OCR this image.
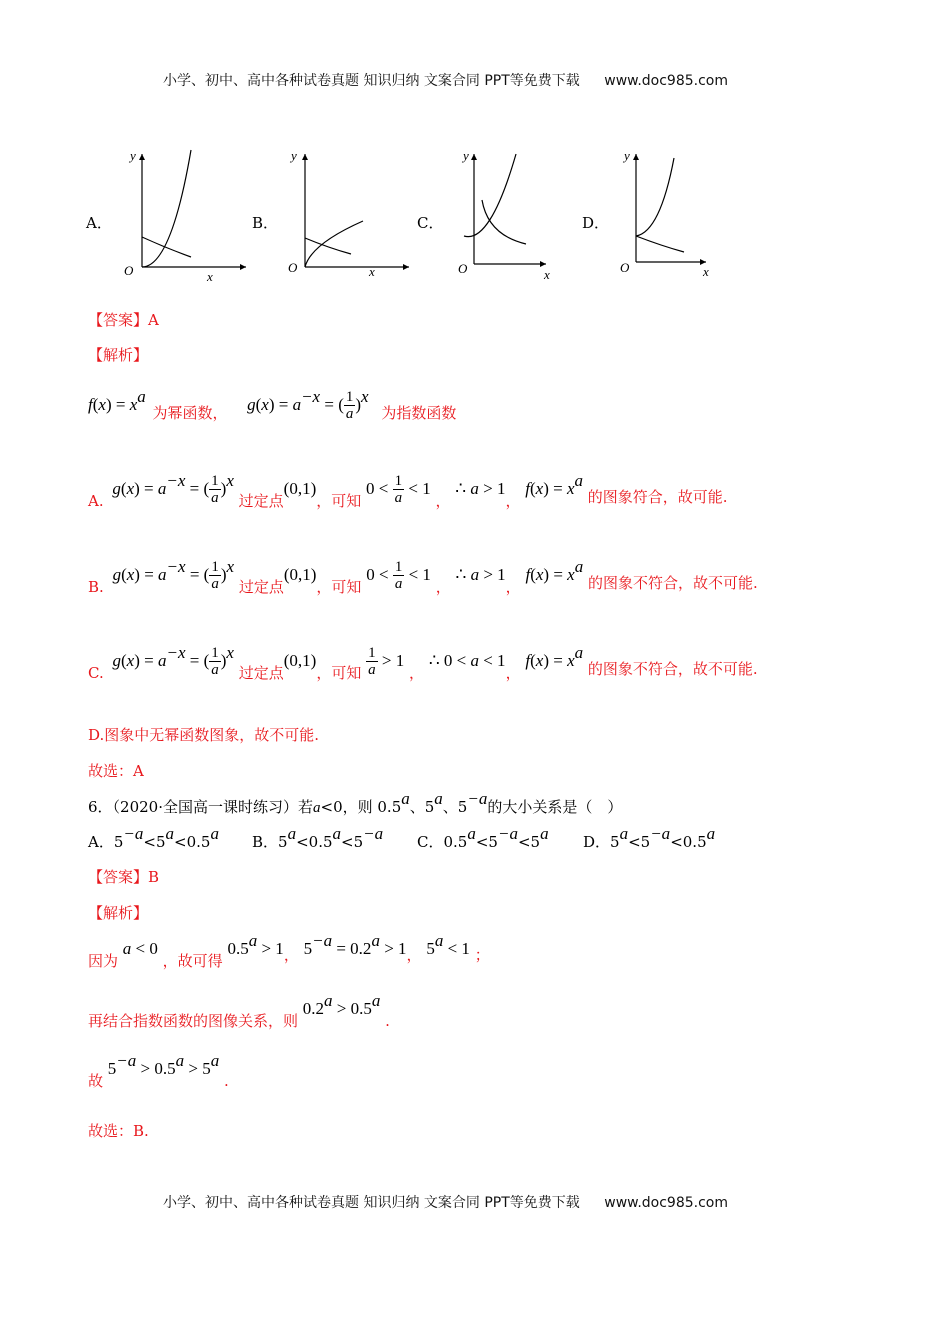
小学、初中、高中各种试卷真题 知识归纳 文案合同 PPT等免费下载 www.doc985.com
A．
y
x
O
B．
y
x
O
C．
y
x
O
D．
y
x
O
【答案】A
【解析】
$f(x) = x^a$ 为幂函数， $g(x) = a^{-x}$ = ( $\frac{1}{a} )^x$ 为指数函数
A. $g(x) = a^{-x}$ = ( $\frac{1}{a} )^x$ 过定点(0,1)，可知 $0 < \frac{1}{a} < 1$ ， ∴ a > 1， $f(x) = x^a$ 的图象符合，故可能.
B. $g(x) = a^{-x}$ = ( $\frac{1}{a} )^x$ 过定点(0,1)，可知 $0 < \frac{1}{a} < 1$ ， ∴ a > 1， $f(x) = x^a$ 的图象不符合，故不可能.
C. $g(x) = a^{-x}$ = ( $\frac{1}{a} )^x$ 过定点(0,1)，可知 $\frac{1}{a} > 1$ ， ∴ 0 < a < 1， $f(x) = x^a$ 的图象不符合，故不可能.
D.图象中无幂函数图象，故不可能.
故选：A
6．（2020·全国高一课时练习）若a<0，则 0.5$^a$、5$^a$、$5^{-a}$的大小关系是（　）
A．$5^{-a}<5^a<0.5^a$ B．$5^a<0.5^a<5^{-a}$ C．$0.5^a<5^{-a}<5^a$ D．$5^a<5^{-a}<0.5^a$
【答案】B
【解析】
因为 a < 0 ，故可得 0.5$^a$ > 1， $5^{-a} = 0.2^a > 1$， $5^a < 1$ ；
再结合指数函数的图像关系，则 0.2$^a$ > 0.5$^a$ .
故 $5^{-a} > 0.5^a > 5^a$ .
故选：B.
小学、初中、高中各种试卷真题 知识归纳 文案合同 PPT等免费下载 www.doc985.com
